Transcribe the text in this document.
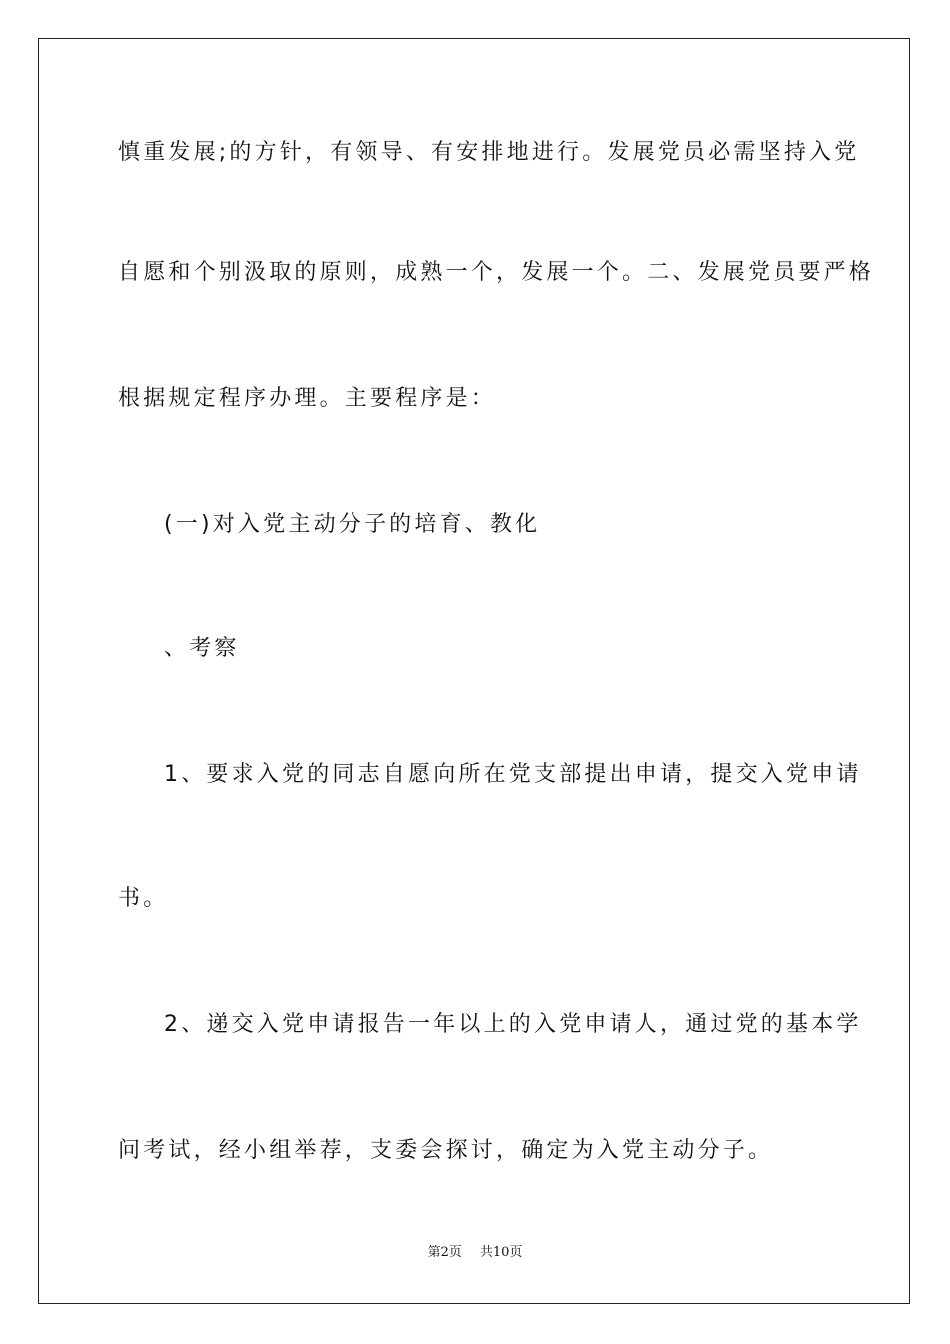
慎重发展;的方针，有领导、有安排地进行。发展党员必需坚持入党
自愿和个别汲取的原则，成熟一个，发展一个。二、发展党员要严格
根据规定程序办理。主要程序是：
(一)对入党主动分子的培育、教化
、考察
1、要求入党的同志自愿向所在党支部提出申请，提交入党申请
书。
2、递交入党申请报告一年以上的入党申请人，通过党的基本学
问考试，经小组举荐，支委会探讨，确定为入党主动分子。
第2页 共10页
